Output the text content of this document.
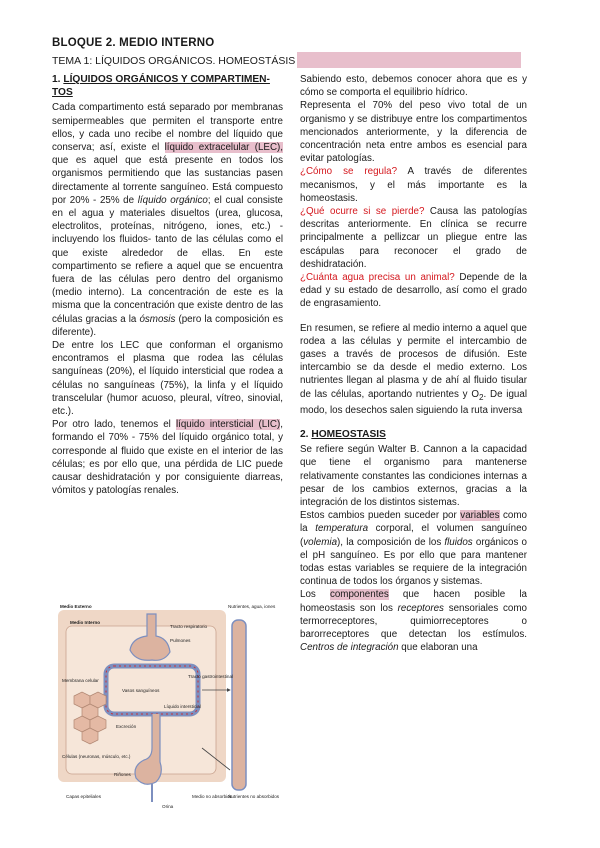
BLOQUE 2. MEDIO INTERNO
TEMA 1: LÍQUIDOS ORGÁNICOS. HOMEOSTÁSIS
1. LÍQUIDOS ORGÁNICOS Y COMPARTIMEN-
TOS

Cada compartimento está separado por membranas semipermeables que permiten el transporte entre ellos, y cada uno recibe el nombre del líquido que conserva; así, existe el líquido extracelular (LEC), que es aquel que está presente en todos los organismos permitiendo que las sustancias pasen directamente al torrente sanguíneo. Está compuesto por 20% - 25% de líquido orgánico; el cual consiste en el agua y materiales disueltos (urea, glucosa, electrolitos, proteínas, nitrógeno, iones, etc.) -incluyendo los fluidos- tanto de las células como el que existe alrededor de ellas. En este compartimento se refiere a aquel que se encuentra fuera de las células pero dentro del organismo (medio interno). La concentración de este es la misma que la concentración que existe dentro de las células gracias a la ósmosis (pero la composición es diferente).

De entre los LEC que conforman el organismo encontramos el plasma que rodea las células sanguíneas (20%), el líquido intersticial que rodea a células no sanguíneas (75%), la linfa y el líquido transcelular (humor acuoso, pleural, vítreo, sinovial, etc.).

Por otro lado, tenemos el líquido intersticial (LIC), formando el 70% - 75% del líquido orgánico total, y corresponde al fluido que existe en el interior de las células; es por ello que, una pérdida de LIC puede causar deshidratación y por consiguiente diarreas, vómitos y patologías renales.

Medio Externo
Medio Interno
Nutrientes, agua, iones
Tracto respiratorio
Pulmones
Membrana celular
Vasos sanguíneos
Tracto gastrointestinal
Líquido intersticial
Células (neuronas, músculo, etc.)
Excreción
Riñones
Nutrientes no absorbidos
Orina
Capas epiteliales	Medio no absorbido

Sabiendo esto, debemos conocer ahora que es y cómo se comporta el equilibrio hídrico.

Representa el 70% del peso vivo total de un organismo y se distribuye entre los compartimentos mencionados anteriormente, y la diferencia de concentración neta entre ambos es esencial para evitar patologías.

¿Cómo se regula? A través de diferentes mecanismos, y el más importante es la homeostasis.

¿Qué ocurre si se pierde? Causa las patologías descritas anteriormente. En clínica se recurre principalmente a pellizcar un pliegue entre las escápulas para reconocer el grado de deshidratación.

¿Cuánta agua precisa un animal? Depende de la edad y su estado de desarrollo, así como el grado de engrasamiento.

En resumen, se refiere al medio interno a aquel que rodea a las células y permite el intercambio de gases a través de procesos de difusión. Este intercambio se da desde el medio externo. Los nutrientes llegan al plasma y de ahí al fluido tisular de las células, aportando nutrientes y $O_2$. De igual modo, los desechos salen siguiendo la ruta inversa

2. HOMEOSTASIS

Se refiere según Walter B. Cannon a la capacidad que tiene el organismo para mantenerse relativamente constantes las condiciones internas a pesar de los cambios externos, gracias a la integración de los distintos sistemas.

Estos cambios pueden suceder por variables como la temperatura corporal, el volumen sanguíneo (volemia), la composición de los fluidos orgánicos o el pH sanguíneo. Es por ello que para mantener todas estas variables se requiere de la integración continua de todos los órganos y sistemas.

Los componentes que hacen posible la homeostasis son los receptores sensoriales como termorreceptores, quimiorreceptores o barorreceptores que detectan los estímulos. Centros de integración que elaboran una
